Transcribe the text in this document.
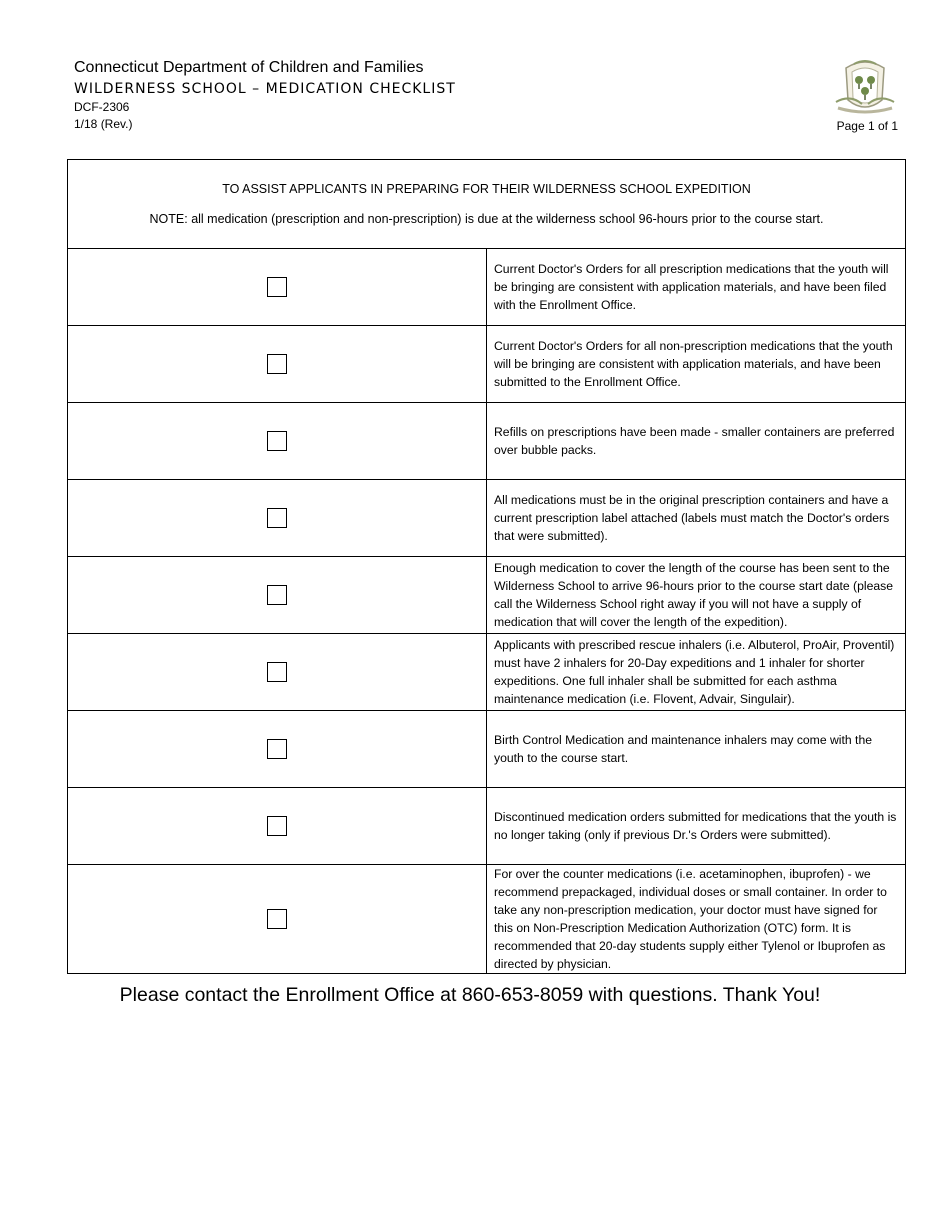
Connecticut Department of Children and Families
WILDERNESS SCHOOL – MEDICATION CHECKLIST
DCF-2306
1/18 (Rev.)	Page 1 of 1

TO ASSIST APPLICANTS IN PREPARING FOR THEIR WILDERNESS SCHOOL EXPEDITION

NOTE: all medication (prescription and non-prescription) is due at the wilderness school 96-hours prior to the course start.	

	Current Doctor's Orders for all prescription medications that the youth will be bringing are consistent with application materials, and have been filed with the Enrollment Office.
	Current Doctor's Orders for all non-prescription medications that the youth will be bringing are consistent with application materials, and have been submitted to the Enrollment Office.
	Refills on prescriptions have been made - smaller containers are preferred over bubble packs.
	All medications must be in the original prescription containers and have a current prescription label attached (labels must match the Doctor's orders that were submitted).
	Enough medication to cover the length of the course has been sent to the Wilderness School to arrive 96-hours prior to the course start date (please call the Wilderness School right away if you will not have a supply of medication that will cover the length of the expedition).
	Applicants with prescribed rescue inhalers (i.e. Albuterol, ProAir, Proventil) must have 2 inhalers for 20-Day expeditions and 1 inhaler for shorter expeditions. One full inhaler shall be submitted for each asthma maintenance medication (i.e. Flovent, Advair, Singulair).
	Birth Control Medication and maintenance inhalers may come with the youth to the course start.
	Discontinued medication orders submitted for medications that the youth is no longer taking (only if previous Dr.'s Orders were submitted).
	For over the counter medications (i.e. acetaminophen, ibuprofen) - we recommend prepackaged, individual doses or small container. In order to take any non-prescription medication, your doctor must have signed for this on Non-Prescription Medication Authorization (OTC) form. It is recommended that 20-day students supply either Tylenol or Ibuprofen as directed by physician.
Please contact the Enrollment Office at 860-653-8059 with questions. Thank You!
